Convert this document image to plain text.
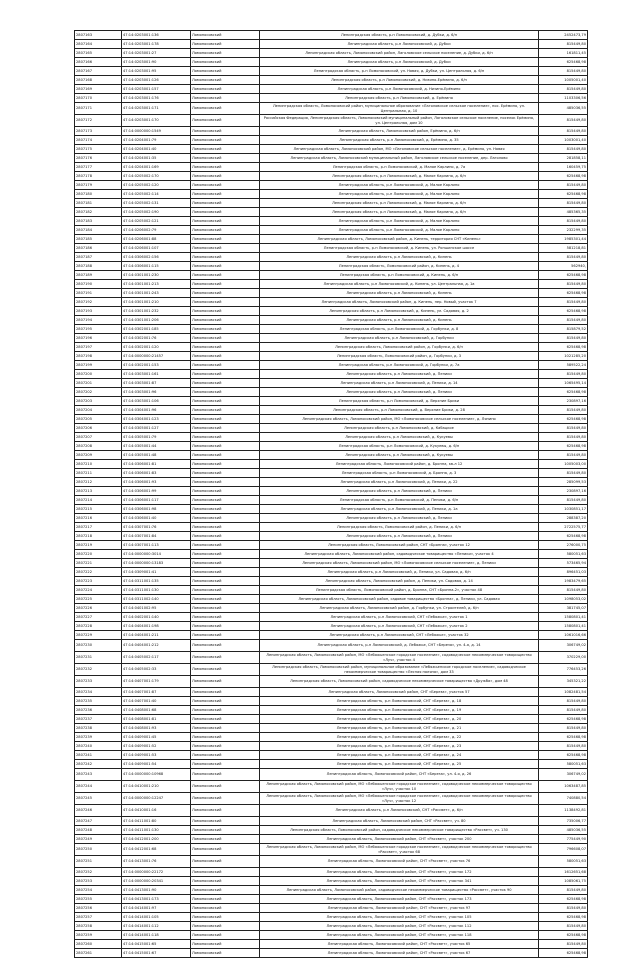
2807163	47:14:0203001:136	Ломоносовский	Ленинградская область, р-н Ломоносовский, д. Дубки, д. 6/н	2452473,79
2807164	47:14:0203001:178	Ломоносовский	Ленинградская область, р-н Ломоносовский, д. Дубки	815449,80
2807165	47:14:0203001:27	Ломоносовский	Ленинградская область, Ломоносовский район, Лаголовское сельское поселение, д. Дубки, д. 6/н	161811,45
2807166	47:14:0203001:90	Ломоносовский	Ленинградская область, р-н Ломоносовский, д. Дубки	625468,98
2807167	47:14:0203001:95	Ломоносовский	Ленинградская область, р-н Ломоносовский, ул. Новая, д. Дубки, ул. Центральная, д. 6/н	815449,80
2807168	47:14:0203001:126	Ломоносовский	Ленинградская область, р-н Ломоносовский, д. Низино-Ерёмино, д. 6/н	1005001,40
2807169	47:14:0203001:157	Ломоносовский	Ленинградская область, р-н Ломоносовский, д. Низино-Ерёмино	815449,80
2807170	47:14:0203001:176	Ломоносовский	Ленинградская область, р-н Ломоносовский, д. Ерёмино	1103306,56
2807171	47:14:0203001:171	Ломоносовский	Ленинградская область, Ломоносовский район, муниципальное образование «Лаголовское сельское поселение», пос. Ерёмино, ул. Центральная, д. 10	485036,55
2807172	47:14:0203001:170	Ломоносовский	Российская Федерация, Ленинградская область, Ломоносовский муниципальный район, Лаголовское сельское поселение, поселок Ерёмино, ул. Центральная, дом 10	815449,80
2807173	47:14:0000000:1549	Ломоносовский	Ленинградская область, Ломоносовский район, Ерёмино, д. 6/н	815449,80
2807174	47:14:0204001:79	Ломоносовский	Ленинградская область, р-н Ломоносовский, д. Ерёмино, д. 35	1003001,40
2807175	47:14:0204001:40	Ломоносовский	Ленинградская область, Ломоносовский район, МО «Лаголовское сельское поселение», д. Ерёмино, ул. Новая	815449,80
2807176	47:14:0204001:35	Ломоносовский	Ленинградская область, Ломоносовский муниципальный район, Лаголовское сельское поселение, дер. Лаголово	281858,11
2807177	47:14:0204001:169	Ломоносовский	Ленинградская область, р-н Ломоносовский, д. Малое Карлино, д. 7а	160459,75
2807178	47:14:0205002:170	Ломоносовский	Ленинградская область, р-н Ломоносовский, д. Малое Карлино, д. 6/н	625468,98
2807179	47:14:0205002:120	Ломоносовский	Ленинградская область, р-н Ломоносовский, д. Малое Карлино	815449,80
2807180	47:14:0205002:114	Ломоносовский	Ленинградская область, р-н Ломоносовский, д. Малое Карлино	625468,98
2807181	47:14:0205002:131	Ломоносовский	Ленинградская область, р-н Ломоносовский, д. Малое Карлино, д. 6/н	815449,80
2807182	47:14:0205002:190	Ломоносовский	Ленинградская область, р-н Ломоносовский, д. Малое Карлино, д. 6/н	485365,35
2807183	47:14:0205002:121	Ломоносовский	Ленинградская область, р-н Ломоносовский, д. Малое Карлино	815449,80
2807184	47:14:0206002:79	Ломоносовский	Ленинградская область, р-н Ломоносовский, д. Малое Карлино	232299,35
2807185	47:14:0206001:88	Ломоносовский	Ленинградская область, Ломоносовский район, д. Кипень, территория СНТ «Кипень»	1985301,44
2807186	47:14:0206001:107	Ломоносовский	Ленинградская область, р-н Ломоносовский, д. Кипень, ул. Ропшинское шоссе	581218,81
2807187	47:14:0306002:156	Ломоносовский	Ленинградская область, р-н Ломоносовский, д. Кипень	815449,80
2807188	47:14:0306001:115	Ломоносовский	Ленинградская область, Ломоносовский район, д. Кипень, д. 4	562940,
2807189	47:14:0301001:230	Ломоносовский	Ленинградская область, р-н Ломоносовский, д. Кипень, д. 6/н	625468,98
2807190	47:14:0301001:213	Ломоносовский	Ленинградская область, р-н Ломоносовский, д. Кипень, ул. Центральная, д. 1а	815449,80
2807191	47:14:0301001:243	Ломоносовский	Ленинградская область, р-н Ломоносовский, д. Кипень	625468,98
2807192	47:14:0301001:210	Ломоносовский	Ленинградская область, Ломоносовский район, д. Кипень, пер. Новый, участок 7	815449,80
2807193	47:14:0301001:232	Ломоносовский	Ленинградская область, р-н Ломоносовский, д. Кипень, ул. Садовая, д. 2	625468,98
2807194	47:14:0301001:206	Ломоносовский	Ленинградская область, р-н Ломоносовский, д. Кипень	815449,80
2807195	47:14:0302001:185	Ломоносовский	Ленинградская область, р-н Ломоносовский, д. Горбунки, д. 8	815879,52
2807196	47:14:0302001:76	Ломоносовский	Ленинградская область, р-н Ломоносовский, д. Горбунки	815449,80
2807197	47:14:0302001:120	Ломоносовский	Ленинградская область, Ломоносовский район, д. Горбунки, д. 6/н	625468,98
2807198	47:14:0000000:21457	Ломоносовский	Ленинградская область, Ломоносовский район, д. Горбунки, д. 3	1021285,20
2807199	47:14:0302001:153	Ломоносовский	Ленинградская область, р-н Ломоносовский, д. Горбунки, д. 7а	589522,24
2807200	47:14:0303001:161	Ломоносовский	Ленинградская область, р-н Ломоносовский, д. Пеники	815449,80
2807201	47:14:0303001:87	Ломоносовский	Ленинградская область, р-н Ломоносовский, д. Пеники, д. 14	1065495,14
2807202	47:14:0303001:96	Ломоносовский	Ленинградская область, р-н Ломоносовский, д. Пеники	625468,98
2807203	47:14:0303001:106	Ломоносовский	Ленинградская область, р-н Ломоносовский, д. Верхние Брики	230897,16
2807204	47:14:0304001:96	Ломоносовский	Ленинградская область, р-н Ломоносовский, д. Верхние Брики, д. 28	815449,80
2807205	47:14:0304001:123	Ломоносовский	Ленинградская область, Ломоносовский район, МО «Ломоносовское сельское поселение», д. Ляпино	625468,98
2807206	47:14:0305001:127	Ломоносовский	Ленинградская область, р-н Ломоносовский, д. Кабацкое	815449,80
2807207	47:14:0305001:79	Ломоносовский	Ленинградская область, р-н Ломоносовский, д. Кукуевы	815449,80
2807208	47:14:0305001:44	Ломоносовский	Ленинградская область, р-н Ломоносовский, д. Кукуевы, д. 6/н	625468,98
2807209	47:14:0305001:48	Ломоносовский	Ленинградская область, р-н Ломоносовский, д. Кукуевы	815449,80
2807210	47:14:0306001:81	Ломоносовский	Ленинградская область, Ломоносовский район, д. Бронна, кв-л 12	1005003,00
2807211	47:14:0306001:83	Ломоносовский	Ленинградская область, р-н Ломоносовский, д. Бронна, д. 3	815449,80
2807212	47:14:0306001:93	Ломоносовский	Ленинградская область, р-н Ломоносовский, д. Пеники, д. 22	285099,53
2807213	47:14:0306001:99	Ломоносовский	Ленинградская область, р-н Ломоносовский, д. Пеники	230897,16
2807214	47:14:0306001:117	Ломоносовский	Ленинградская область, р-н Ломоносовский, д. Пеники, д. 6/н	815449,80
2807215	47:14:0306001:98	Ломоносовский	Ленинградская область, р-н Ломоносовский, д. Пеники, д. 1а	1030851,17
2807216	47:14:0306001:40	Ломоносовский	Ленинградская область, р-н Ломоносовский, д. Пеники	288387,20
2807217	47:14:0307001:76	Ломоносовский	Ленинградская область, Ломоносовский район, д. Пеники, д. 6/н	2722575,77
2807218	47:14:0307001:84	Ломоносовский	Ленинградская область, р-н Ломоносовский, д. Пеники	625468,98
2807219	47:14:0307001:113	Ломоносовский	Ленинградская область, Ломоносовский район, СНТ «Бронна», участок 12	276000,75
2807220	47:14:0000000:3014	Ломоносовский	Ленинградская область, Ломоносовский район, садоводческое товарищество «Пеники», участок 4	580051,63
2807221	47:14:0000000:13183	Ломоносовский	Ленинградская область, Ломоносовский район, МО «Ломоносовское сельское поселение», д. Пеники	573465,94
2807222	47:14:0309001:41	Ломоносовский	Ленинградская область, р-н Ломоносовский, д. Пеники, ул. Садовая, д. 6/н	896451,03
2807223	47:14:0311001:135	Ломоносовский	Ленинградская область, Ломоносовский район, д. Пеники, ул. Садовая, д. 14	1983479,65
2807224	47:14:0311001:130	Ломоносовский	Ленинградская область, Ломоносовский район, д. Бронна, СНТ «Бронна-2», участок 48	815449,80
2807225	47:14:0311002:140	Ломоносовский	Ленинградская область, Ломоносовский район, садовое товарищество «Бронна», д. Пеники, ул. Садовая	1098053,02
2807226	47:14:0401002:95	Ломоносовский	Ленинградская область, Ломоносовский район, д. Горбунки, ул. Строителей, д. 6/н	381745,07
2807227	47:14:0402001:140	Ломоносовский	Ленинградская область, р-н Ломоносовский, СНТ «Лебяжье», участок 1	1580801,41
2807228	47:14:0404001:198	Ломоносовский	Ленинградская область, р-н Ломоносовский, СНТ «Лебяжье», участок 2	1580801,41
2807229	47:14:0404001:211	Ломоносовский	Ленинградская область, р-н Ломоносовский, СНТ «Лебяжье», участок 32	1061016,66
2807230	47:14:0404001:212	Ломоносовский	Ленинградская область, р-н Ломоносовский, д. Лебяжье, СНТ «Береза», ул. 4-я, д. 14	306749,02
2807231	47:14:0405002:117	Ломоносовский	Ленинградская область, Ломоносовский район, МО «Лебяжьенское городское поселение», садоводческое некоммерческое товарищество «Луч», участок 4	370229,00
2807232	47:14:0405002:33	Ломоносовский	Ленинградская область, Ломоносовский район, муниципальное образование «Лебяжьенское городское поселение», садоводческое некоммерческое товарищество «Лесная поляна», дом 33	776453,26
2807233	47:14:0407001:179	Ломоносовский	Ленинградская область, Ломоносовский район, садоводческое некоммерческое товарищество «Дружба», дом 48	345321,22
2807234	47:14:0407001:87	Ломоносовский	Ленинградская область, Ломоносовский район, СНТ «Береза», участок 57	1082481,54
2807235	47:14:0407001:40	Ломоносовский	Ленинградская область, р-н Ломоносовский, СНТ «Береза», д. 18	815449,80
2807236	47:14:0408001:68	Ломоносовский	Ленинградская область, р-н Ломоносовский, СНТ «Береза», д. 19	815449,80
2807237	47:14:0408001:81	Ломоносовский	Ленинградская область, р-н Ломоносовский, СНТ «Береза», д. 20	625468,98
2807238	47:14:0408001:93	Ломоносовский	Ленинградская область, р-н Ломоносовский, СНТ «Береза», д. 21	815449,80
2807239	47:14:0409001:45	Ломоносовский	Ленинградская область, р-н Ломоносовский, СНТ «Береза», д. 22	625468,98
2807240	47:14:0409001:52	Ломоносовский	Ленинградская область, р-н Ломоносовский, СНТ «Береза», д. 23	815449,80
2807241	47:14:0409001:53	Ломоносовский	Ленинградская область, р-н Ломоносовский, СНТ «Береза», д. 24	625468,98
2807242	47:14:0409001:54	Ломоносовский	Ленинградская область, р-н Ломоносовский, СНТ «Береза», д. 25	580051,63
2807243	47:14:0000000:10968	Ломоносовский	Ленинградская область, Ломоносовский район, СНТ «Береза», ул. 4-я, д. 26	306749,02
2807244	47:14:0410001:210	Ломоносовский	Ленинградская область, Ломоносовский район, МО «Лебяжьенское городское поселение», садоводческое некоммерческое товарищество «Луч», участок 10	1063487,85
2807245	47:14:0000000:12247	Ломоносовский	Ленинградская область, Ломоносовский район, МО «Лебяжьенское городское поселение», садоводческое некоммерческое товарищество «Луч», участок 12	740880,54
2807246	47:14:0410001:16	Ломоносовский	Ленинградская область, р-н Ломоносовский, СНТ «Рассвет», д. 6/н	1138492,81
2807247	47:14:0411001:80	Ломоносовский	Ленинградская область, Ломоносовский район, СНТ «Рассвет», уч. 80	735006,77
2807248	47:14:0411001:130	Ломоносовский	Ленинградская область, Ломоносовский район, садоводческое некоммерческое товарищество «Рассвет», уч. 130	485036,55
2807249	47:14:0412001:200	Ломоносовский	Ленинградская область, Ломоносовский район, СНТ «Рассвет», участок 200	775449,90
2807250	47:14:0412001:68	Ломоносовский	Ленинградская область, Ломоносовский район, МО «Лебяжьенское городское поселение», садоводческое некоммерческое товарищество «Рассвет», участок 68	796608,07
2807251	47:14:0413001:76	Ломоносовский	Ленинградская область, Ломоносовский район, СНТ «Рассвет», участок 76	580051,63
2807252	47:14:0000000:22172	Ломоносовский	Ленинградская область, Ломоносовский район, СНТ «Рассвет», участок 172	1612651,68
2807253	47:14:0000000:20341	Ломоносовский	Ленинградская область, Ломоносовский район, СНТ «Рассвет», участок 341	1085061,75
2807254	47:14:0413001:90	Ломоносовский	Ленинградская область, Ломоносовский район, садоводческое некоммерческое товарищество «Рассвет», участок 90	815449,80
2807255	47:14:0413001:173	Ломоносовский	Ленинградская область, Ломоносовский район, СНТ «Рассвет», участок 173	625468,98
2807256	47:14:0414001:97	Ломоносовский	Ленинградская область, Ломоносовский район, СНТ «Рассвет», участок 97	815449,80
2807257	47:14:0414001:105	Ломоносовский	Ленинградская область, Ломоносовский район, СНТ «Рассвет», участок 105	625468,98
2807258	47:14:0414001:112	Ломоносовский	Ленинградская область, Ломоносовский район, СНТ «Рассвет», участок 112	815449,80
2807259	47:14:0414001:118	Ломоносовский	Ленинградская область, Ломоносовский район, СНТ «Рассвет», участок 118	625468,98
2807260	47:14:0415001:65	Ломоносовский	Ленинградская область, Ломоносовский район, СНТ «Рассвет», участок 65	815449,80
2807261	47:14:0415001:67	Ломоносовский	Ленинградская область, Ломоносовский район, СНТ «Рассвет», участок 67	625468,98
